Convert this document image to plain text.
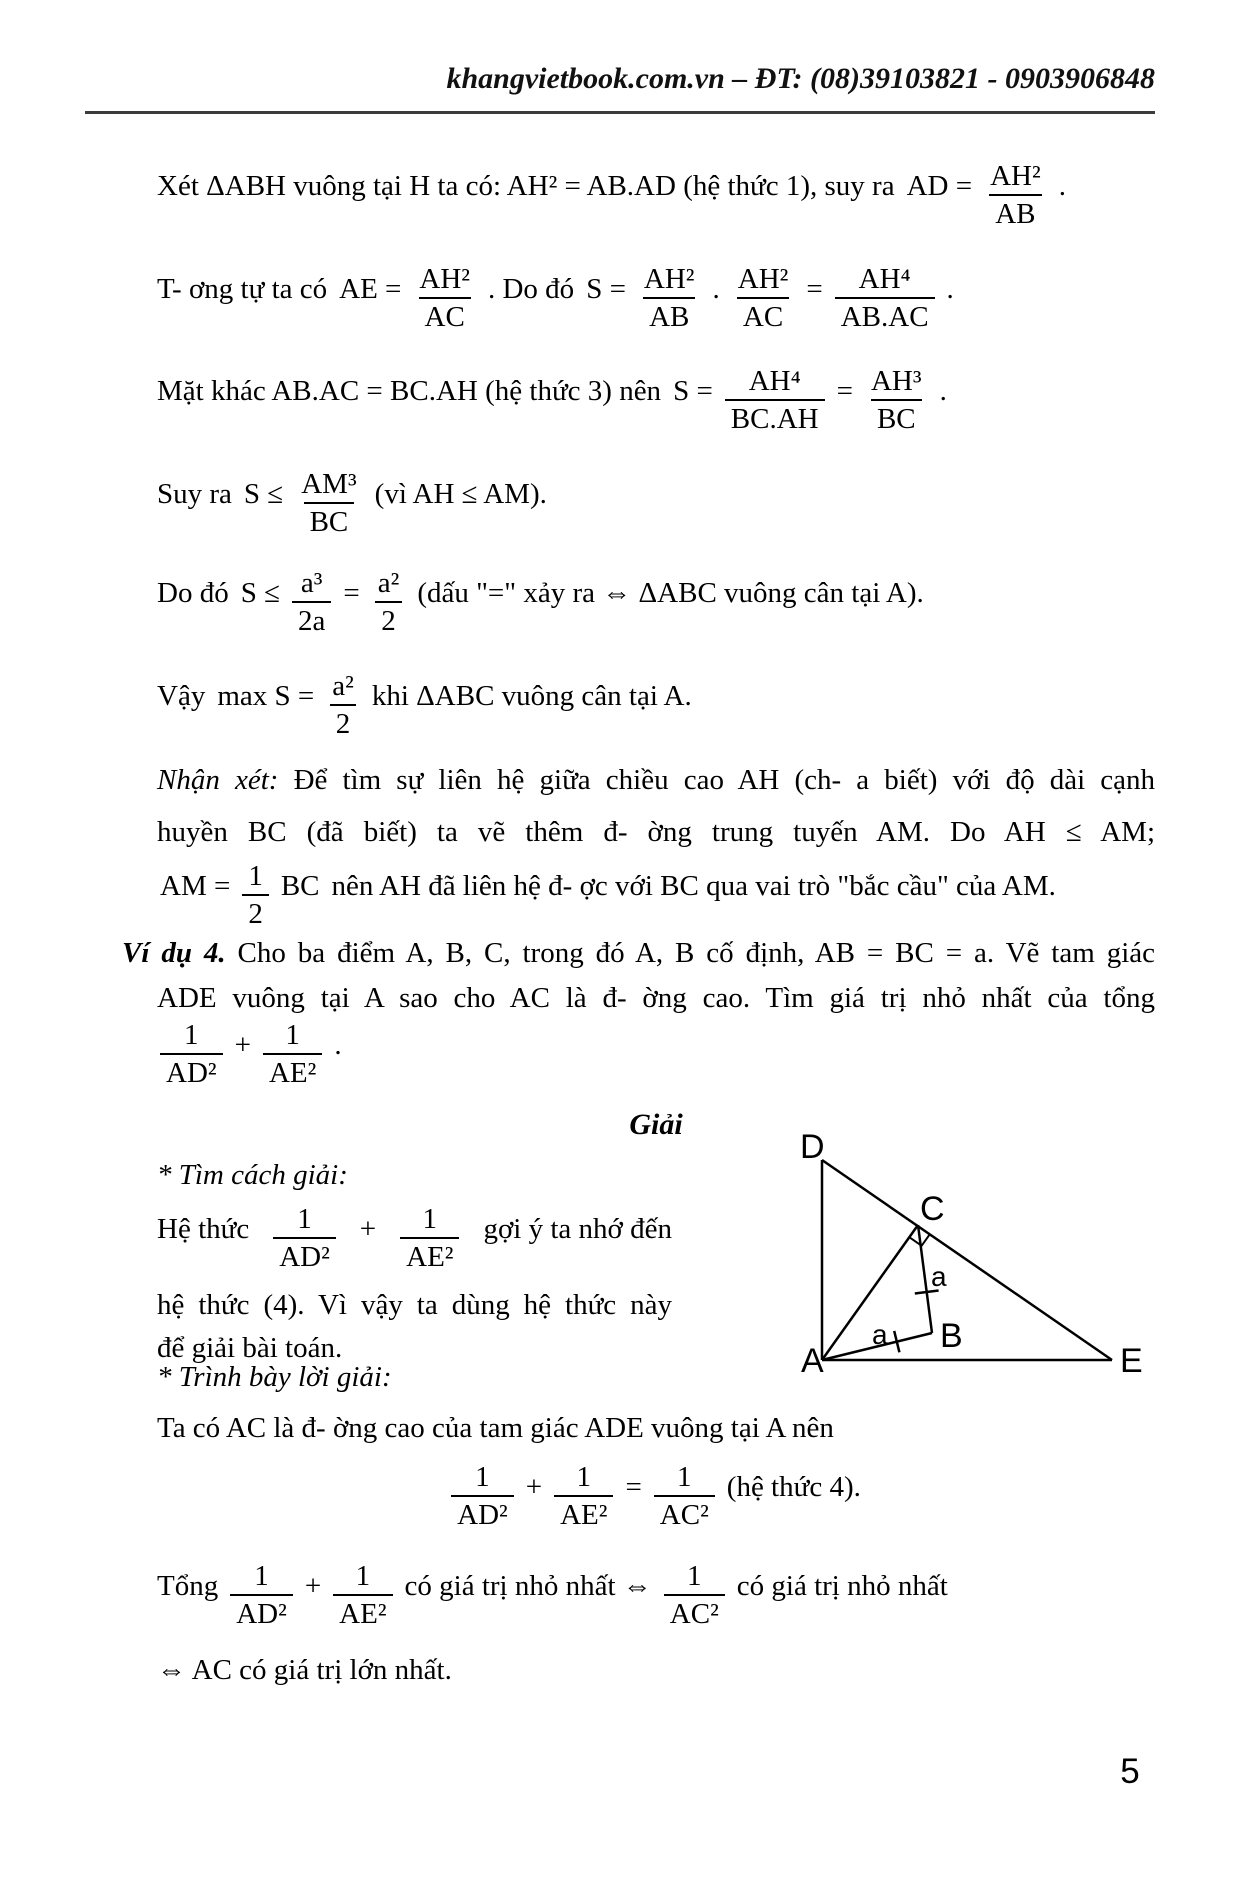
khangvietbook.com.vn – ĐT: (08)39103821 - 0903906848
Xét ΔABH vuông tại H ta có: AH² = AB.AD (hệ thức 1), suy ra AD = $\frac{\text{AH²}}{AB}$ .
T- ơng tự ta có AE = $\frac{\text{AH²}}{AC}$ . Do đó $S = \frac{\text{AH²}}{AB}$ . $\frac{\text{AH²}}{AC} = \frac{\text{AH⁴}}{AB.AC}$ .
Mặt khác AB.AC = BC.AH (hệ thức 3) nên $S = \frac{\text{AH⁴}}{BC.AH} = \frac{\text{AH³}}{BC}$ .
Suy ra $S \le \frac{\text{AM³}}{BC}$ (vì AH ≤ AM).
Do đó $S \le \frac{\text{a³}}{2a} = \frac{\text{a²}}{2}$ (dấu "=" xảy ra ⇔ ΔABC vuông cân tại A).
Vậy $\max S = \frac{\text{a²}}{2}$ khi ΔABC vuông cân tại A.
Nhận xét: Để tìm sự liên hệ giữa chiều cao AH (ch- a biết) với độ dài cạnh
huyền BC (đã biết) ta vẽ thêm đ- ờng trung tuyến AM. Do AH ≤ AM;
AM = $\frac{1}{2}$ BC nên AH đã liên hệ đ- ợc với BC qua vai trò "bắc cầu" của AM.
Ví dụ 4. Cho ba điểm A, B, C, trong đó A, B cố định, AB = BC = a. Vẽ tam giác
ADE vuông tại A sao cho AC là đ- ờng cao. Tìm giá trị nhỏ nhất của tổng
$\frac{1}{\text{AD²}} + \frac{1}{\text{AE²}}$ .
Giải
* Tìm cách giải:
Hệ thức $\frac{1}{\text{AD²}} + \frac{1}{\text{AE²}}$ gợi ý ta nhớ đến
hệ thức (4). Vì vậy ta dùng hệ thức này
để giải bài toán.
* Trình bày lời giải:
D
C
A
B
E
a
a
Ta có AC là đ- ờng cao của tam giác ADE vuông tại A nên
$\frac{1}{\text{AD²}} + \frac{1}{\text{AE²}} = \frac{1}{\text{AC²}}$ (hệ thức 4).
Tổng $\frac{1}{\text{AD²}} + \frac{1}{\text{AE²}}$ có giá trị nhỏ nhất ⇔ $\frac{1}{\text{AC²}}$ có giá trị nhỏ nhất
⇔ AC có giá trị lớn nhất.
5
